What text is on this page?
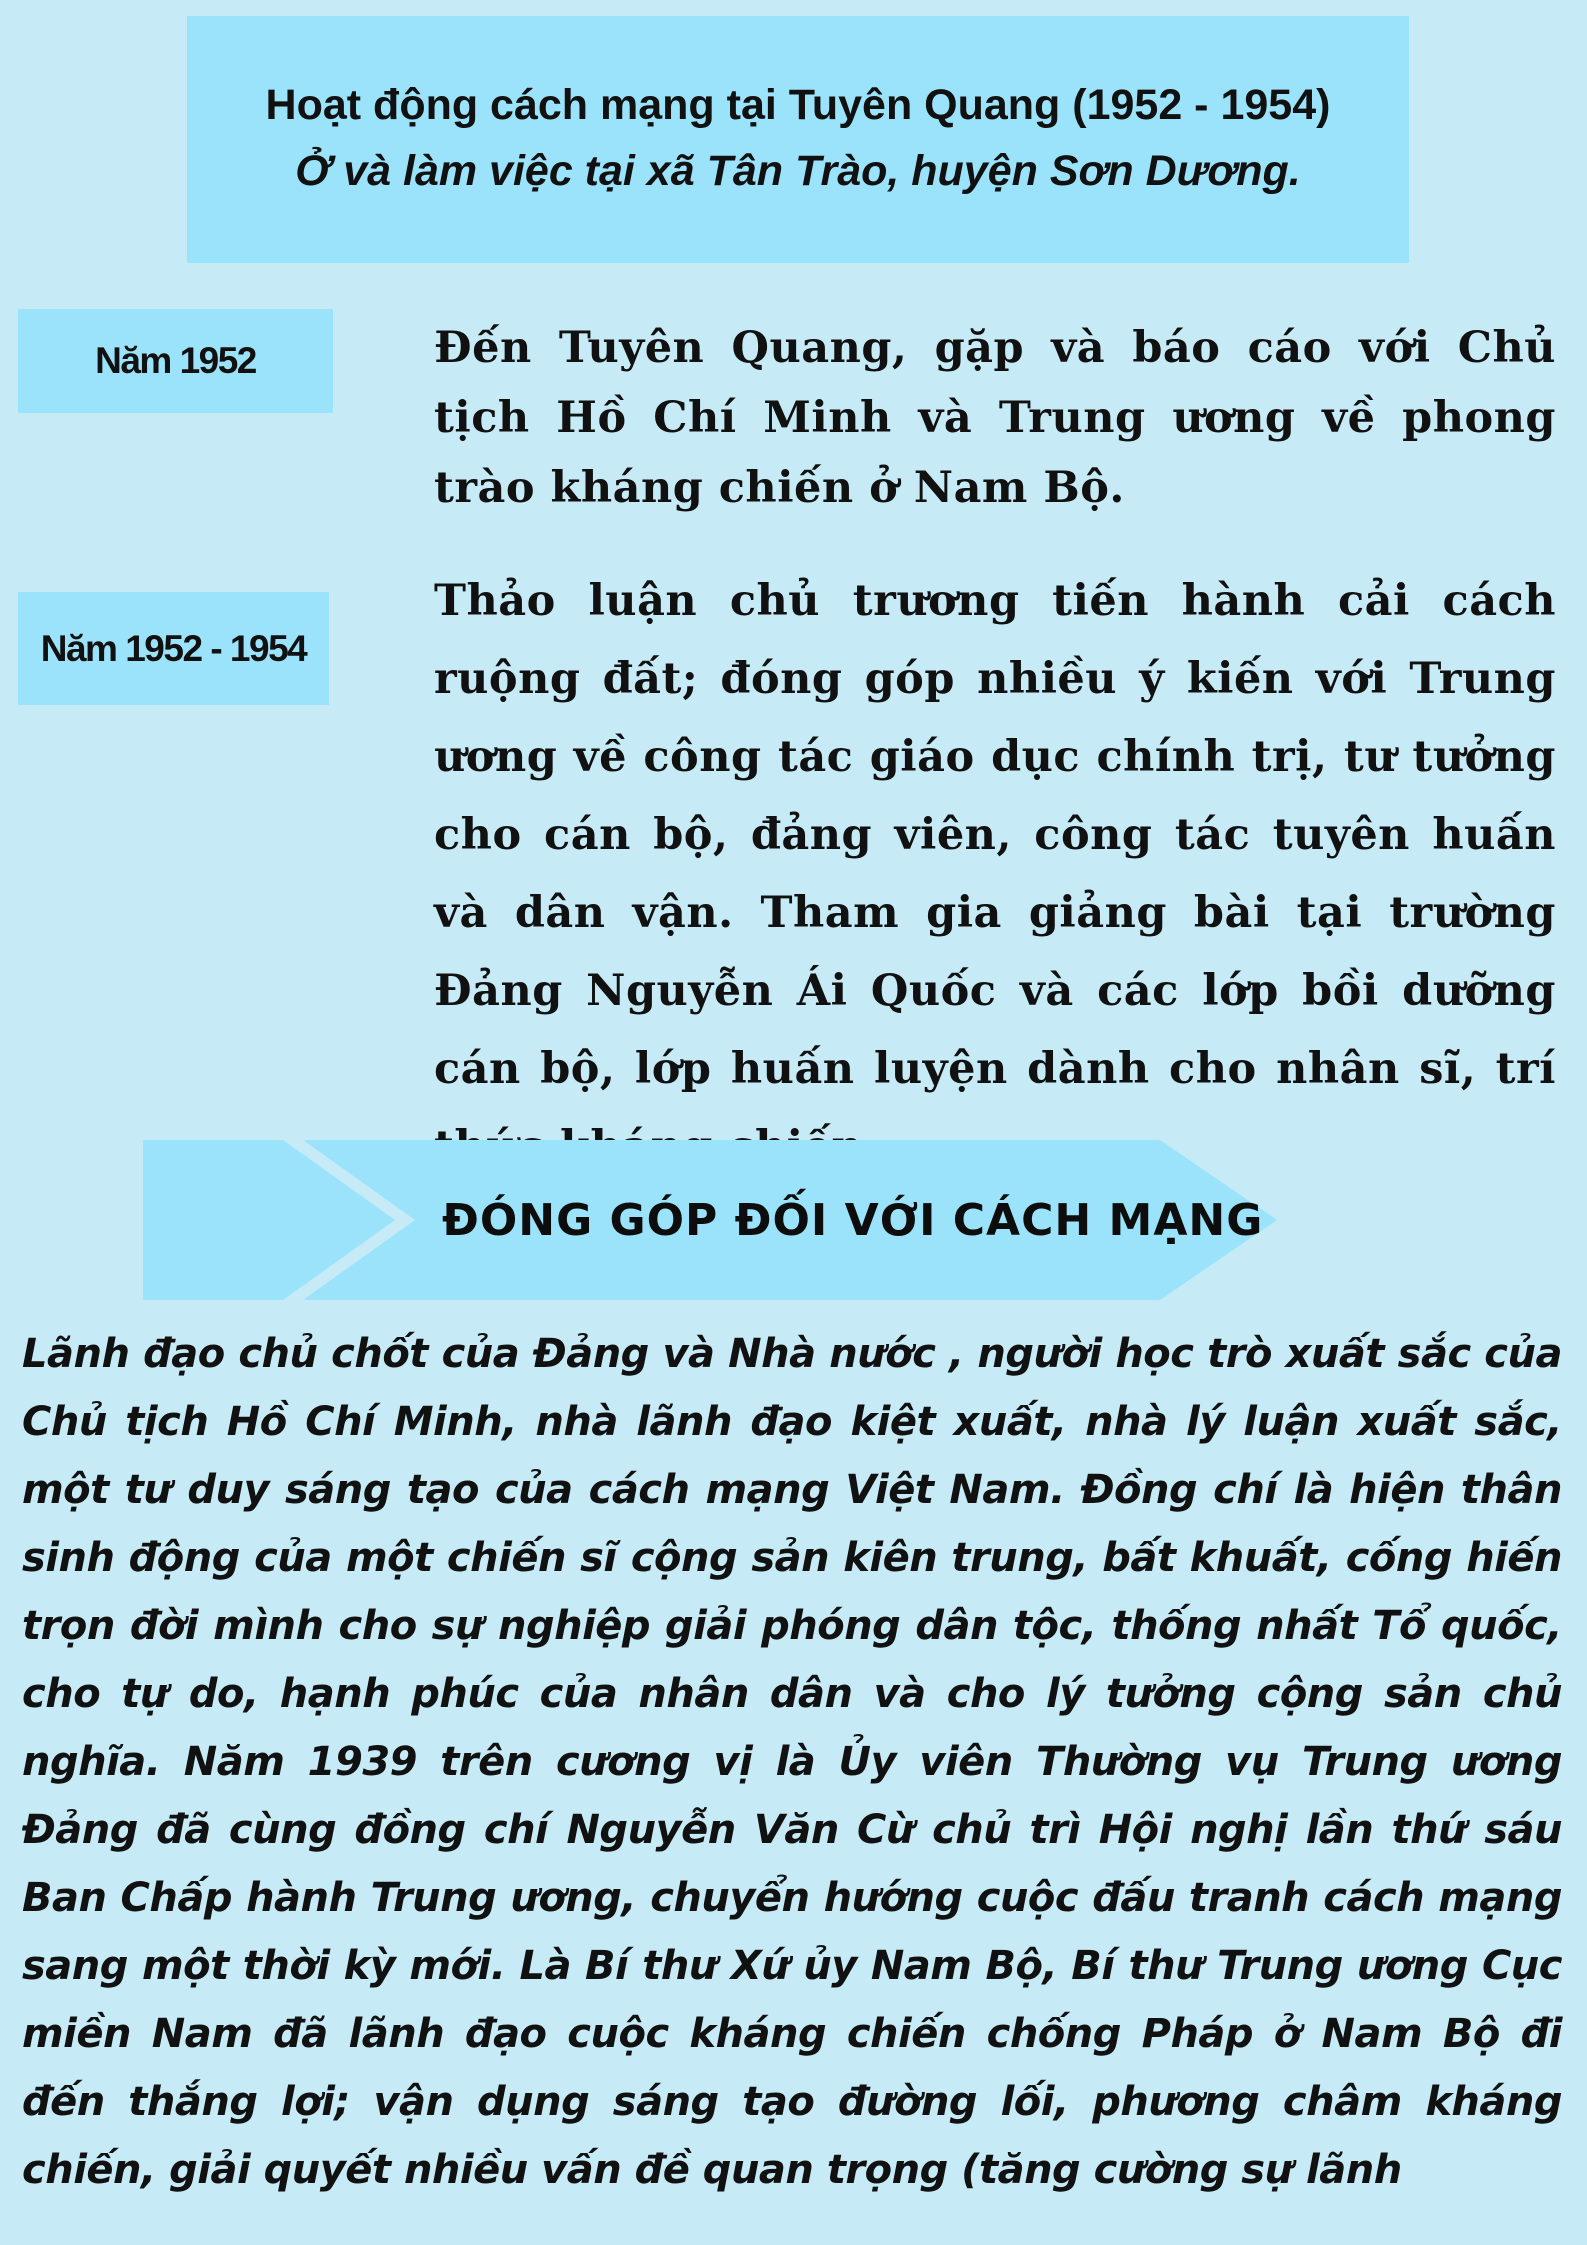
Hoạt động cách mạng tại Tuyên Quang (1952 - 1954)
Ở và làm việc tại xã Tân Trào, huyện Sơn Dương.
Năm 1952	Đến Tuyên Quang, gặp và báo cáo với Chủ tịch Hồ Chí Minh và Trung ương về phong trào kháng chiến ở Nam Bộ.
Năm 1952 - 1954
Thảo luận chủ trương tiến hành cải cách ruộng đất; đóng góp nhiều ý kiến với Trung ương về công tác giáo dục chính trị, tư tưởng cho cán bộ, đảng viên, công tác tuyên huấn và dân vận. Tham gia giảng bài tại trường Đảng Nguyễn Ái Quốc và các lớp bồi dưỡng cán bộ, lớp huấn luyện dành cho nhân sĩ, trí
ĐÓNG GÓP ĐỐI VỚI CÁCH MẠNG
Lãnh đạo chủ chốt của Đảng và Nhà nước , người học trò xuất sắc của Chủ tịch Hồ Chí Minh, nhà lãnh đạo kiệt xuất, nhà lý luận xuất sắc, một tư duy sáng tạo của cách mạng Việt Nam. Đồng chí là hiện thân sinh động của một chiến sĩ cộng sản kiên trung, bất khuất, cống hiến trọn đời mình cho sự nghiệp giải phóng dân tộc, thống nhất Tổ quốc, cho tự do, hạnh phúc của nhân dân và cho lý tưởng cộng sản chủ nghĩa. Năm 1939 trên cương vị là Ủy viên Thường vụ Trung ương Đảng đã cùng đồng chí Nguyễn Văn Cừ chủ trì Hội nghị lần thứ sáu Ban Chấp hành Trung ương, chuyển hướng cuộc đấu tranh cách mạng sang một thời kỳ mới. Là Bí thư Xứ ủy Nam Bộ, Bí thư Trung ương Cục miền Nam đã lãnh đạo cuộc kháng chiến chống Pháp ở Nam Bộ đi đến thắng lợi; vận dụng sáng tạo đường lối, phương châm kháng chiến, giải quyết nhiều vấn đề quan trọng (tăng cường sự lãnh
